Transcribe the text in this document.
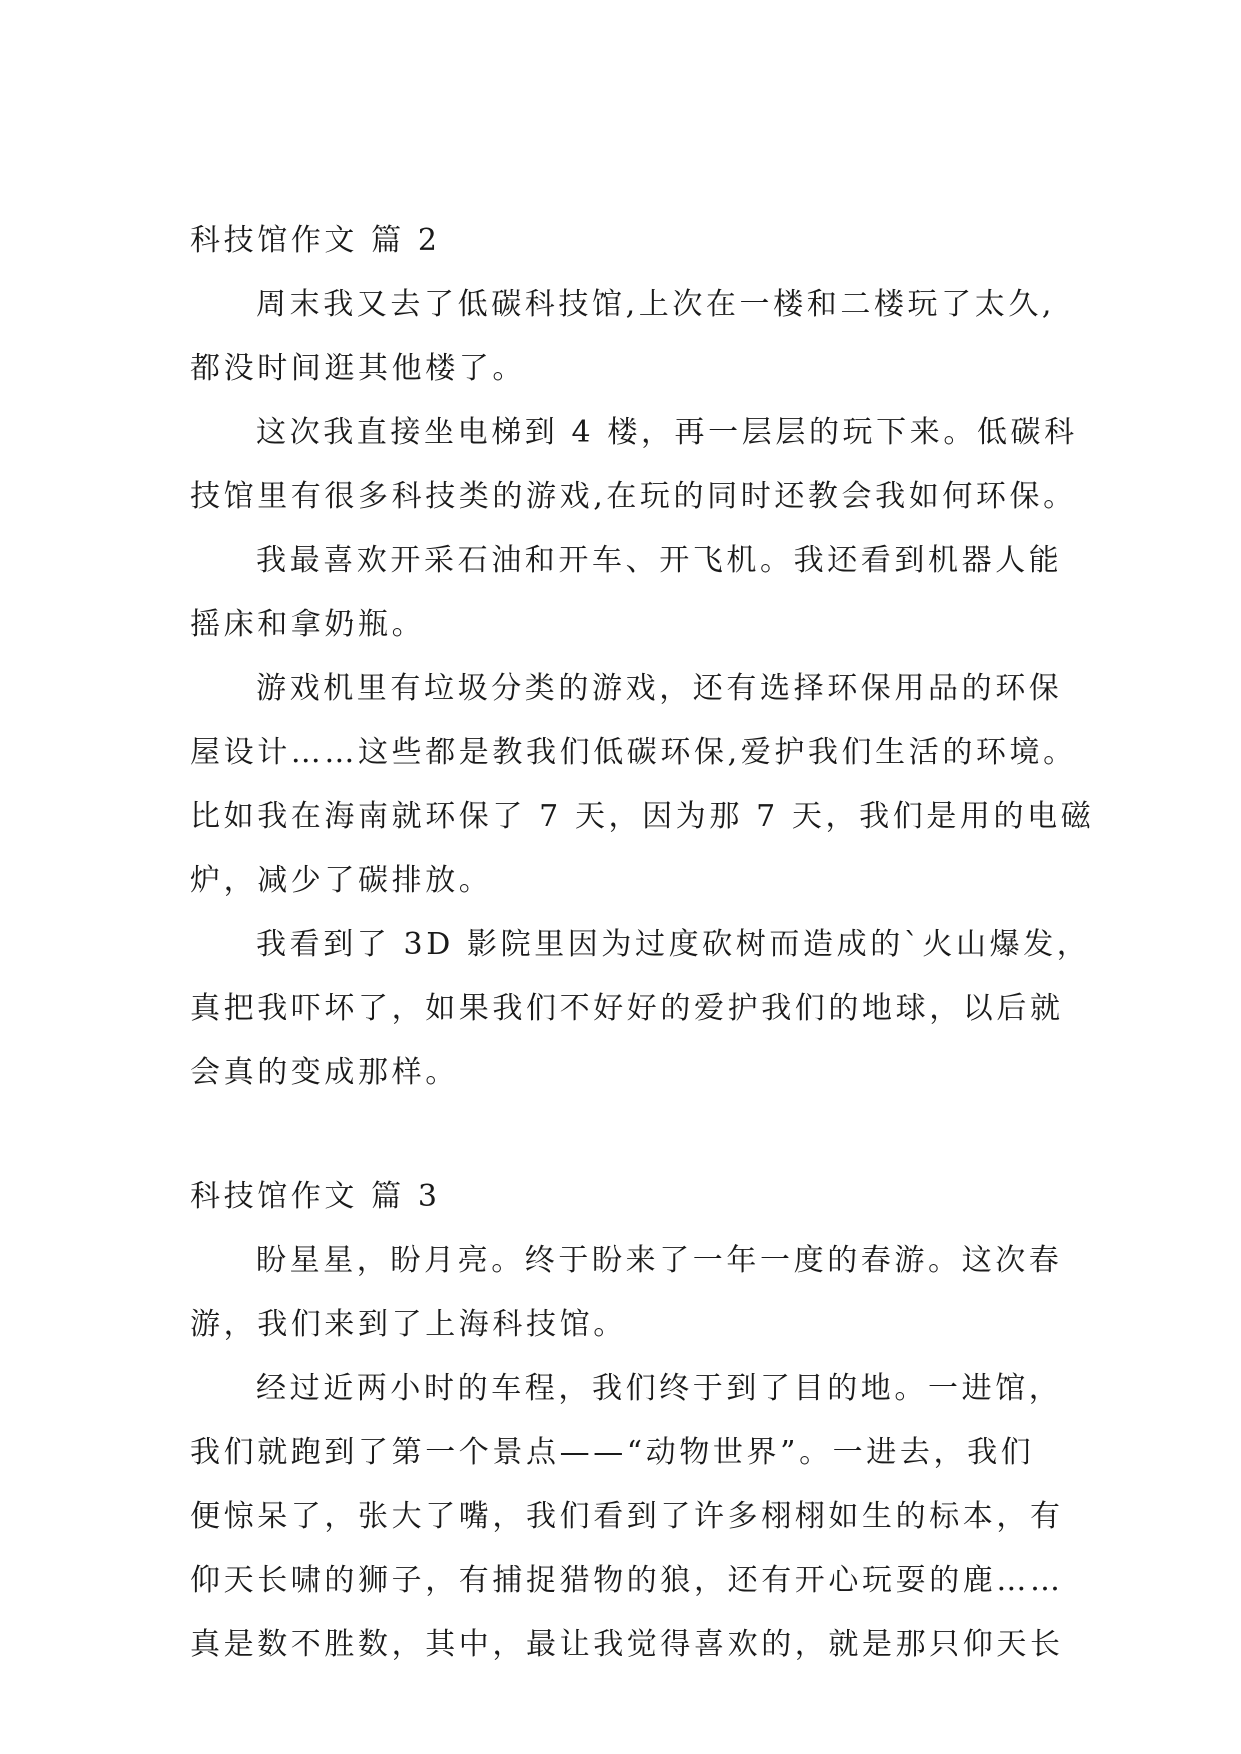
科技馆作文 篇 2
周末我又去了低碳科技馆,上次在一楼和二楼玩了太久,
都没时间逛其他楼了。
这次我直接坐电梯到 4 楼，再一层层的玩下来。低碳科
技馆里有很多科技类的游戏,在玩的同时还教会我如何环保。
我最喜欢开采石油和开车、开飞机。我还看到机器人能
摇床和拿奶瓶。
游戏机里有垃圾分类的游戏，还有选择环保用品的环保
屋设计……这些都是教我们低碳环保,爱护我们生活的环境。
比如我在海南就环保了 7 天，因为那 7 天，我们是用的电磁
炉，减少了碳排放。
我看到了 3D 影院里因为过度砍树而造成的`火山爆发，
真把我吓坏了，如果我们不好好的爱护我们的地球，以后就
会真的变成那样。
科技馆作文 篇 3
盼星星，盼月亮。终于盼来了一年一度的春游。这次春
游，我们来到了上海科技馆。
经过近两小时的车程，我们终于到了目的地。一进馆，
我们就跑到了第一个景点——“动物世界”。一进去，我们
便惊呆了，张大了嘴，我们看到了许多栩栩如生的标本，有
仰天长啸的狮子，有捕捉猎物的狼，还有开心玩耍的鹿……
真是数不胜数，其中，最让我觉得喜欢的，就是那只仰天长
